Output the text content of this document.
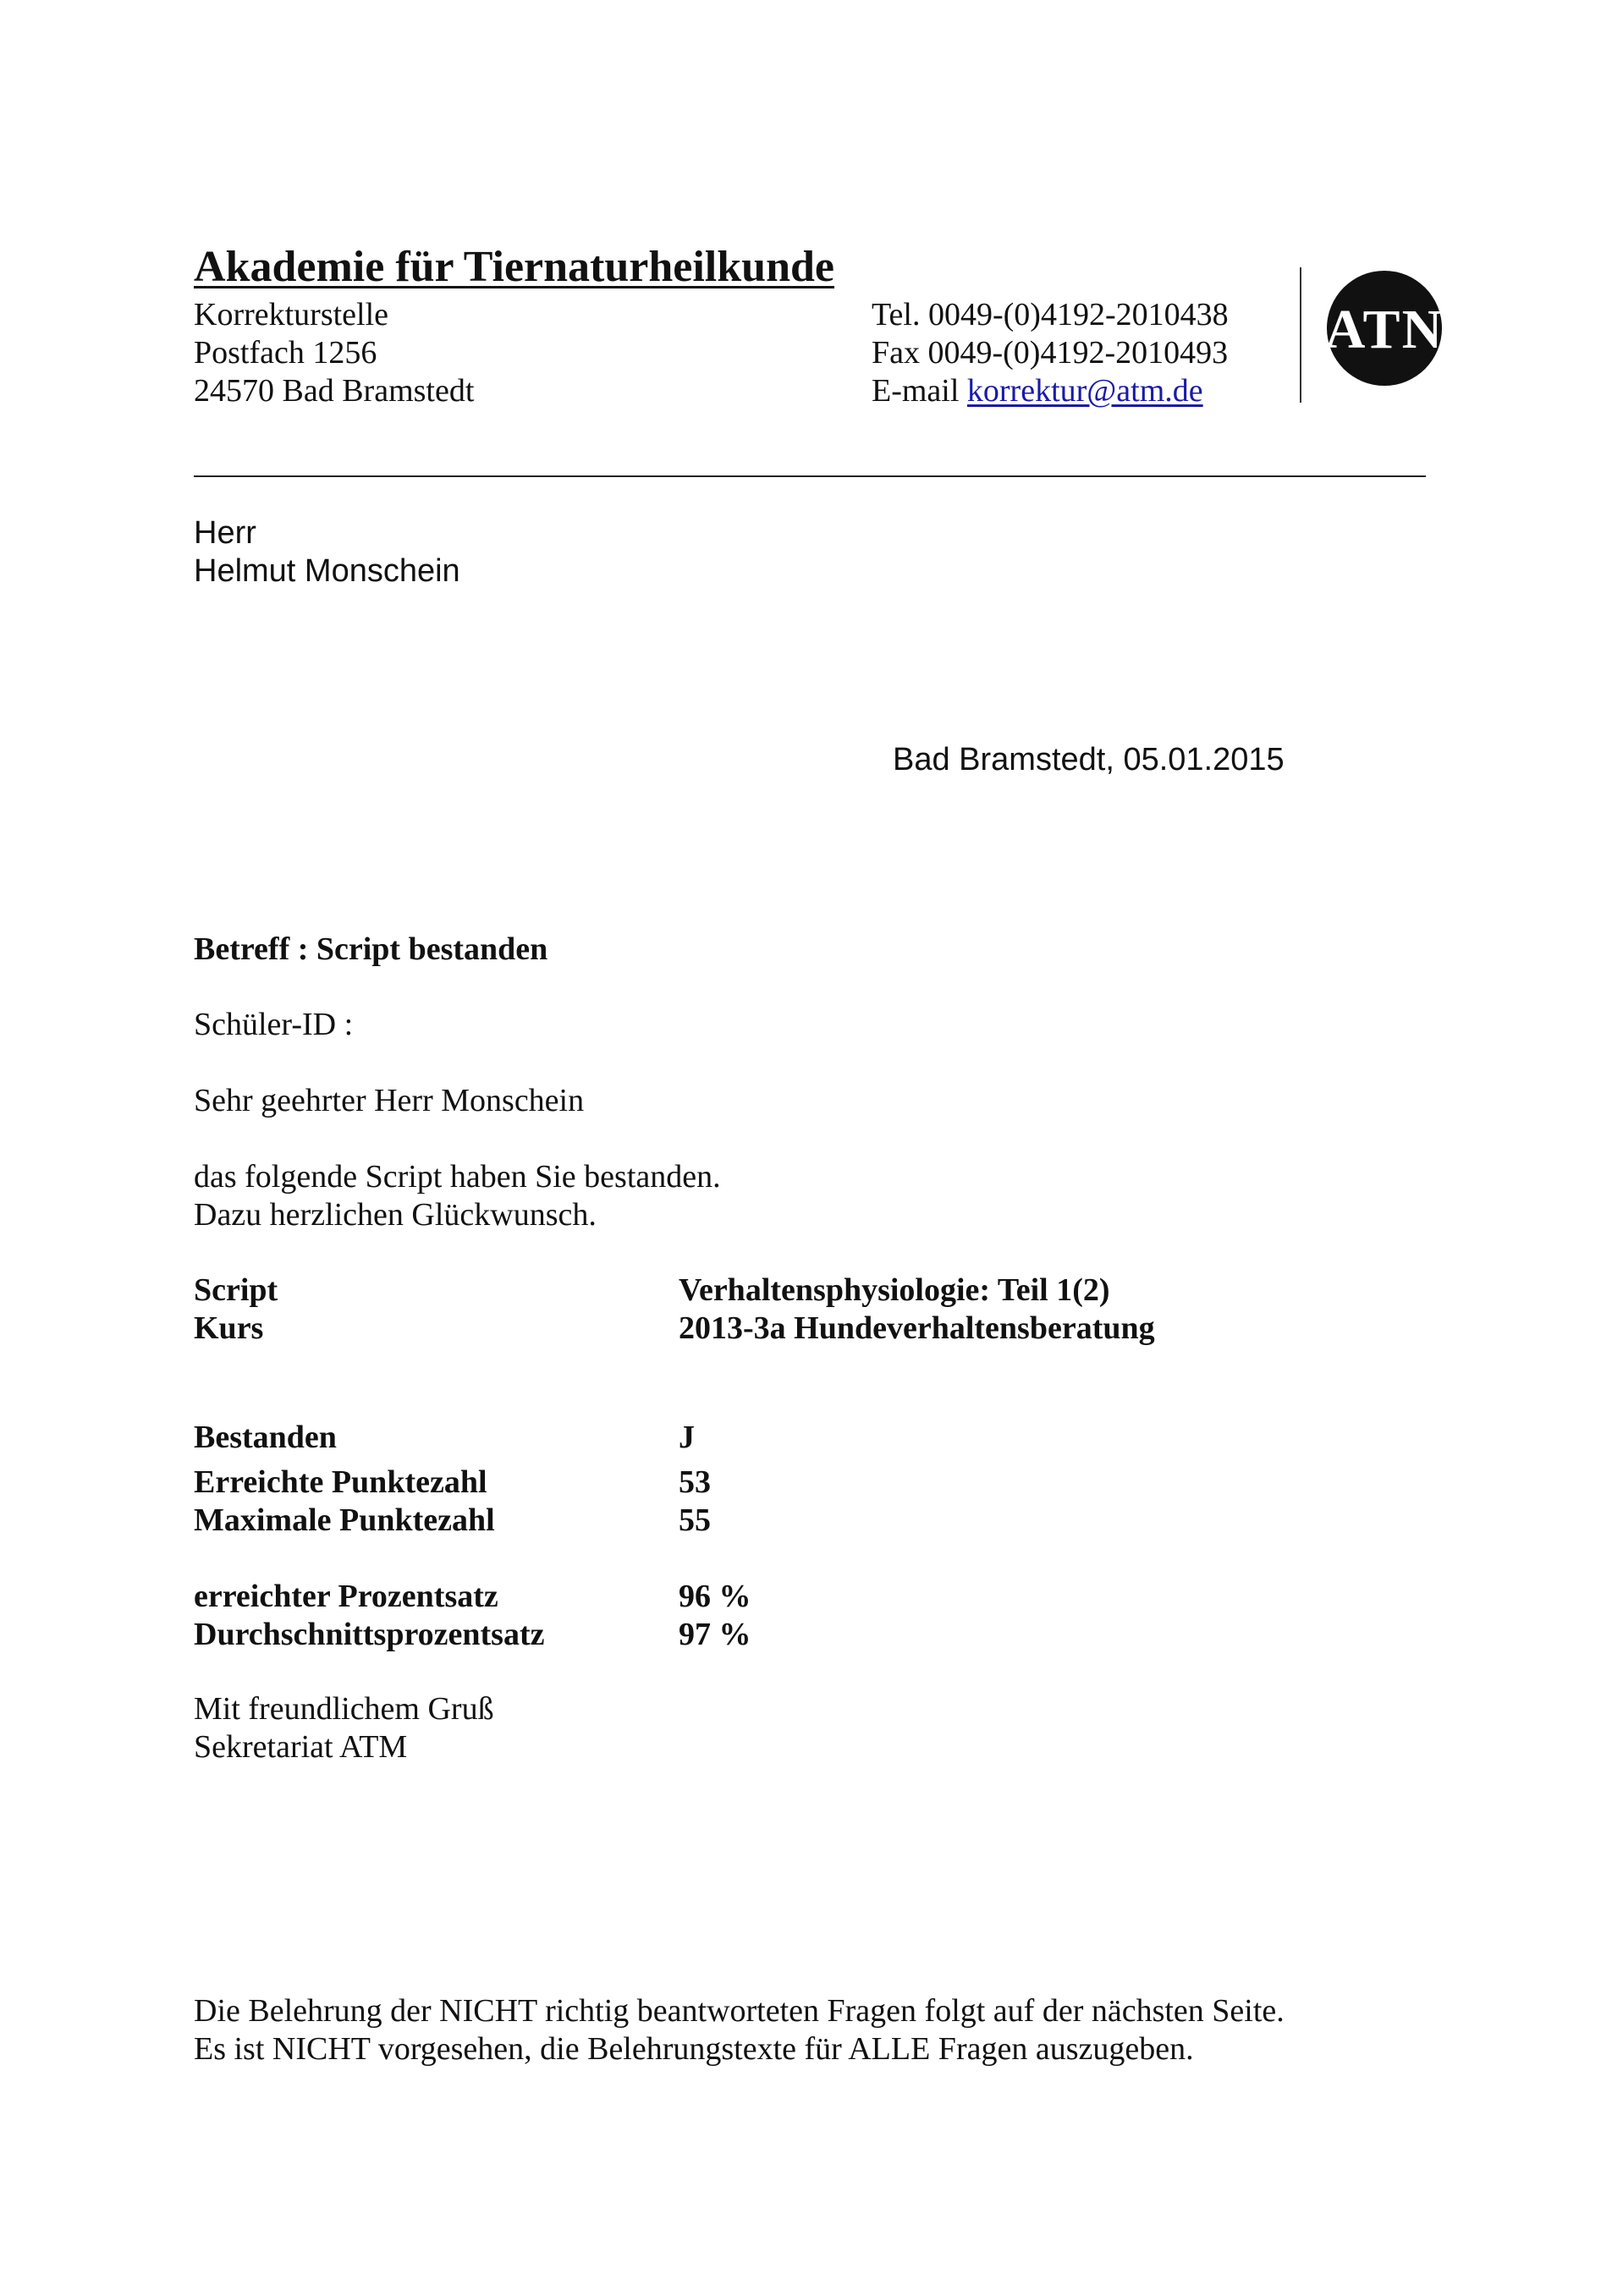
Akademie für Tiernaturheilkunde
Korrekturstelle
Postfach 1256
24570 Bad Bramstedt
Tel. 0049-(0)4192-2010438
Fax 0049-(0)4192-2010493
E-mail korrektur@atm.de
ATN
Herr
Helmut Monschein
Bad Bramstedt, 05.01.2015
Betreff : Script bestanden
Schüler-ID :
Sehr geehrter Herr Monschein
das folgende Script haben Sie bestanden.
Dazu herzlichen Glückwunsch.
Script	Verhaltensphysiologie: Teil 1(2)
Kurs	2013-3a Hundeverhaltensberatung
Bestanden	J
Erreichte Punktezahl	53
Maximale Punktezahl	55
erreichter Prozentsatz	96 %
Durchschnittsprozentsatz	97 %
Mit freundlichem Gruß
Sekretariat ATM
Die Belehrung der NICHT richtig beantworteten Fragen folgt auf der nächsten Seite.
Es ist NICHT vorgesehen, die Belehrungstexte für ALLE Fragen auszugeben.
